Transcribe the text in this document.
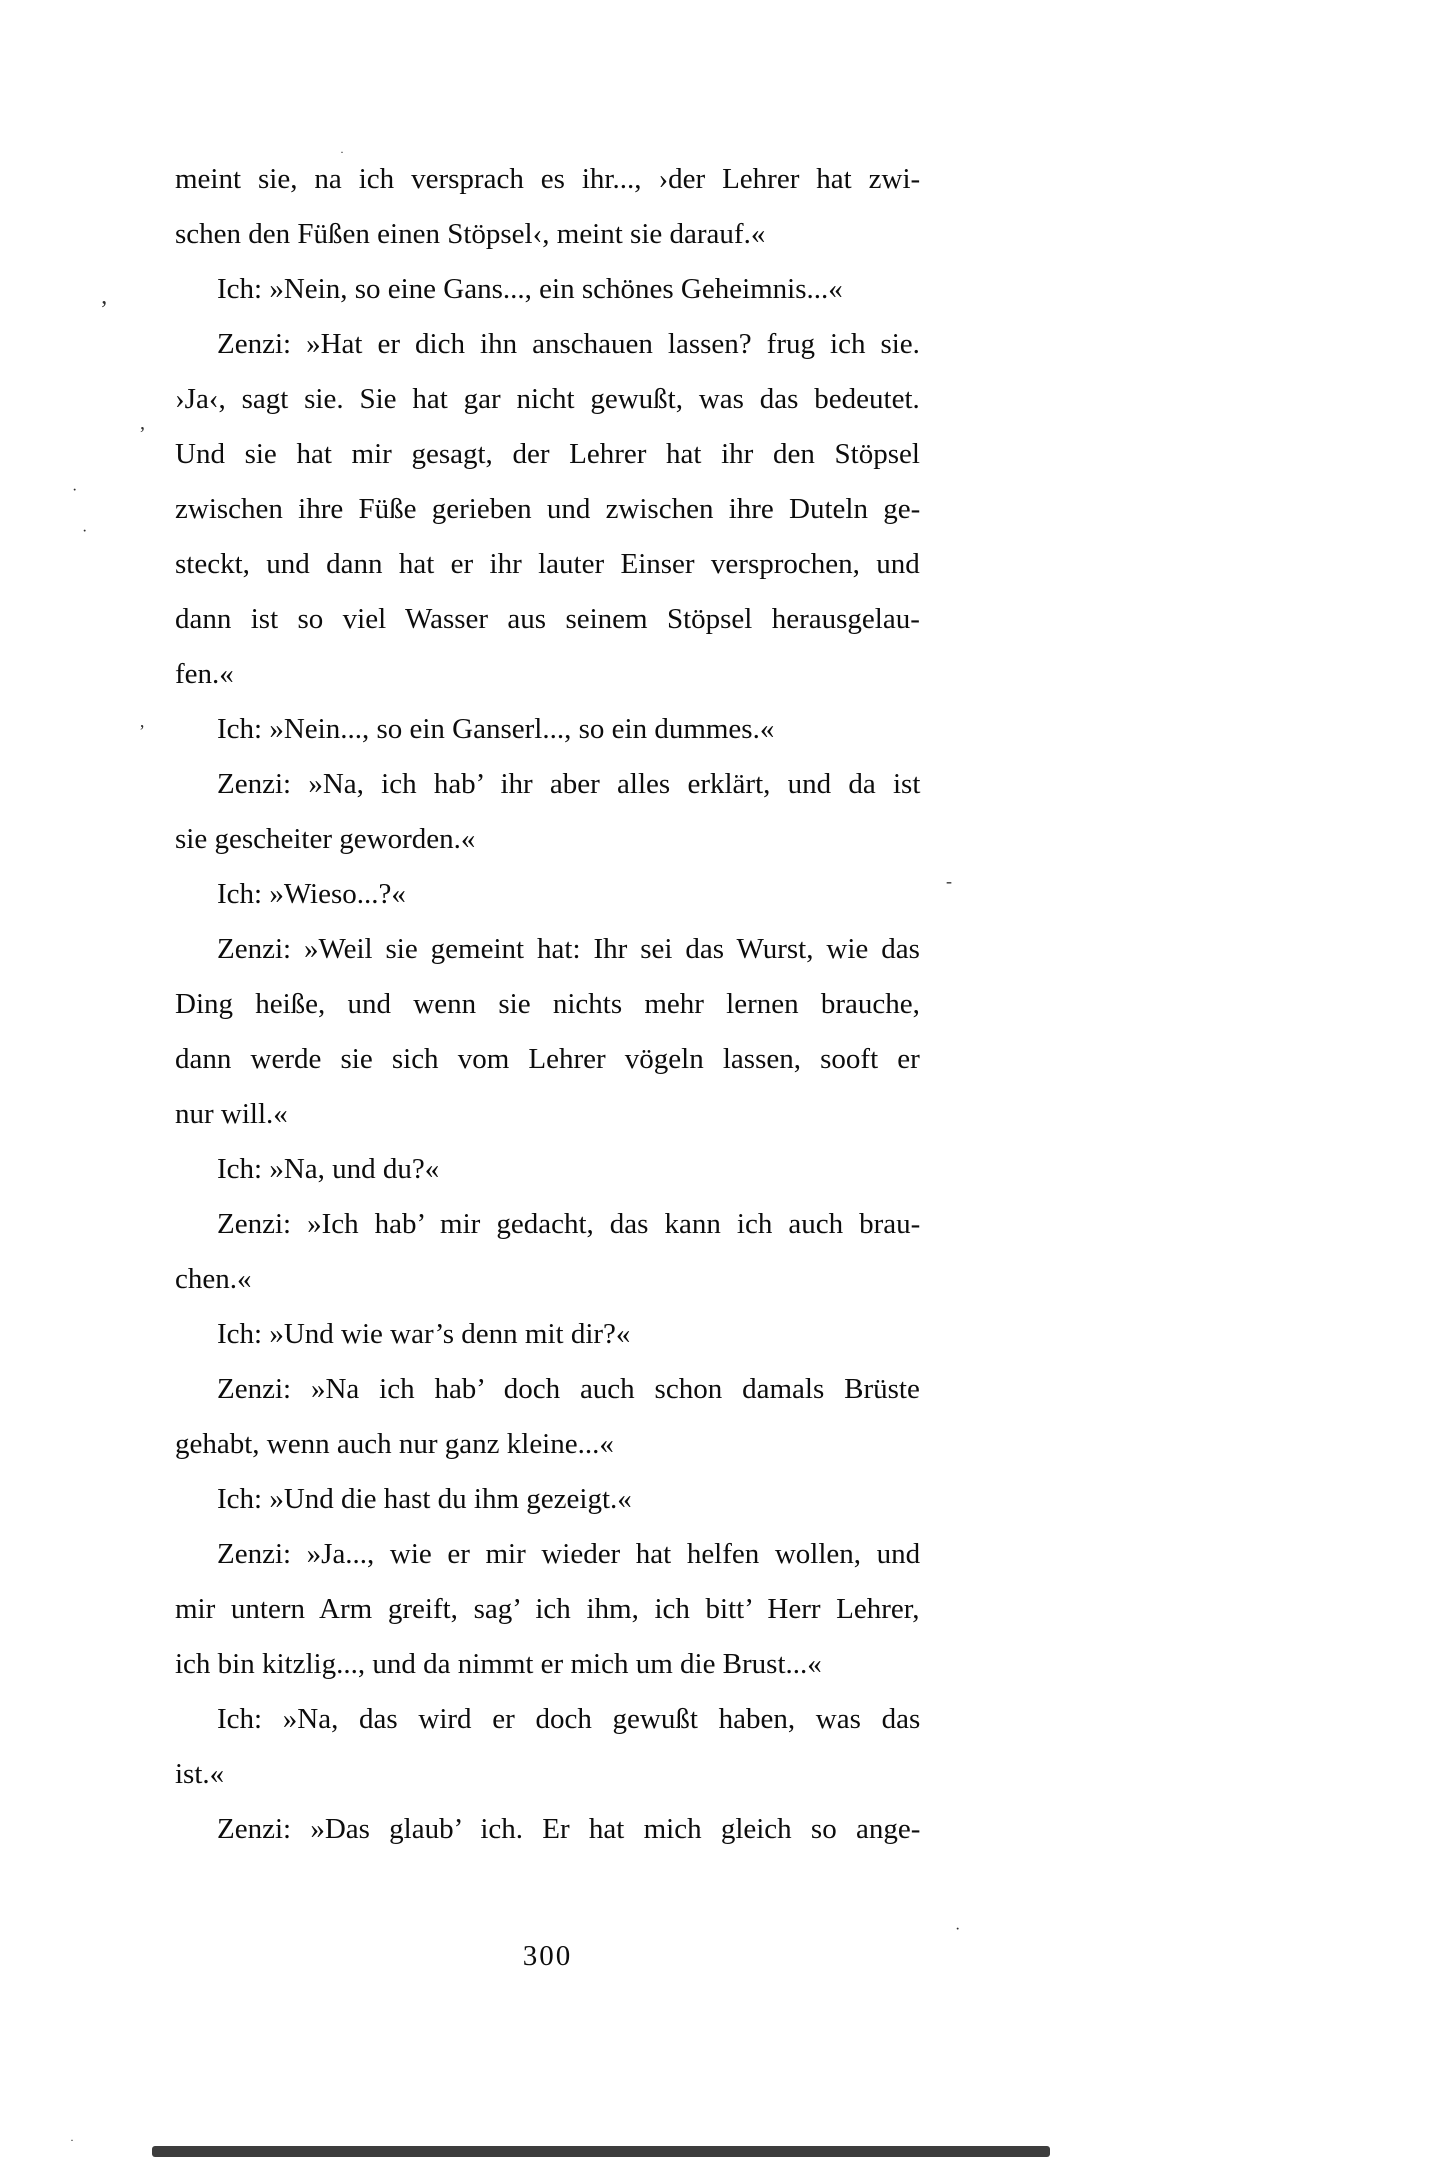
meint sie, na ich versprach es ihr..., ›der Lehrer hat zwi-
schen den Füßen einen Stöpsel‹, meint sie darauf.«
Ich: »Nein, so eine Gans..., ein schönes Geheimnis...«
Zenzi: »Hat er dich ihn anschauen lassen? frug ich sie.
›Ja‹, sagt sie. Sie hat gar nicht gewußt, was das bedeutet.
Und sie hat mir gesagt, der Lehrer hat ihr den Stöpsel
zwischen ihre Füße gerieben und zwischen ihre Duteln ge-
steckt, und dann hat er ihr lauter Einser versprochen, und
dann ist so viel Wasser aus seinem Stöpsel herausgelau-
fen.«
Ich: »Nein..., so ein Ganserl..., so ein dummes.«
Zenzi: »Na, ich hab’ ihr aber alles erklärt, und da ist
sie gescheiter geworden.«
Ich: »Wieso...?«
Zenzi: »Weil sie gemeint hat: Ihr sei das Wurst, wie das
Ding heiße, und wenn sie nichts mehr lernen brauche,
dann werde sie sich vom Lehrer vögeln lassen, sooft er
nur will.«
Ich: »Na, und du?«
Zenzi: »Ich hab’ mir gedacht, das kann ich auch brau-
chen.«
Ich: »Und wie war’s denn mit dir?«
Zenzi: »Na ich hab’ doch auch schon damals Brüste
gehabt, wenn auch nur ganz kleine...«
Ich: »Und die hast du ihm gezeigt.«
Zenzi: »Ja..., wie er mir wieder hat helfen wollen, und
mir untern Arm greift, sag’ ich ihm, ich bitt’ Herr Lehrer,
ich bin kitzlig..., und da nimmt er mich um die Brust...«
Ich: »Na, das wird er doch gewußt haben, was das
ist.«
Zenzi: »Das glaub’ ich. Er hat mich gleich so ange-
300
’
’
·
·
’
-
·
·
·
